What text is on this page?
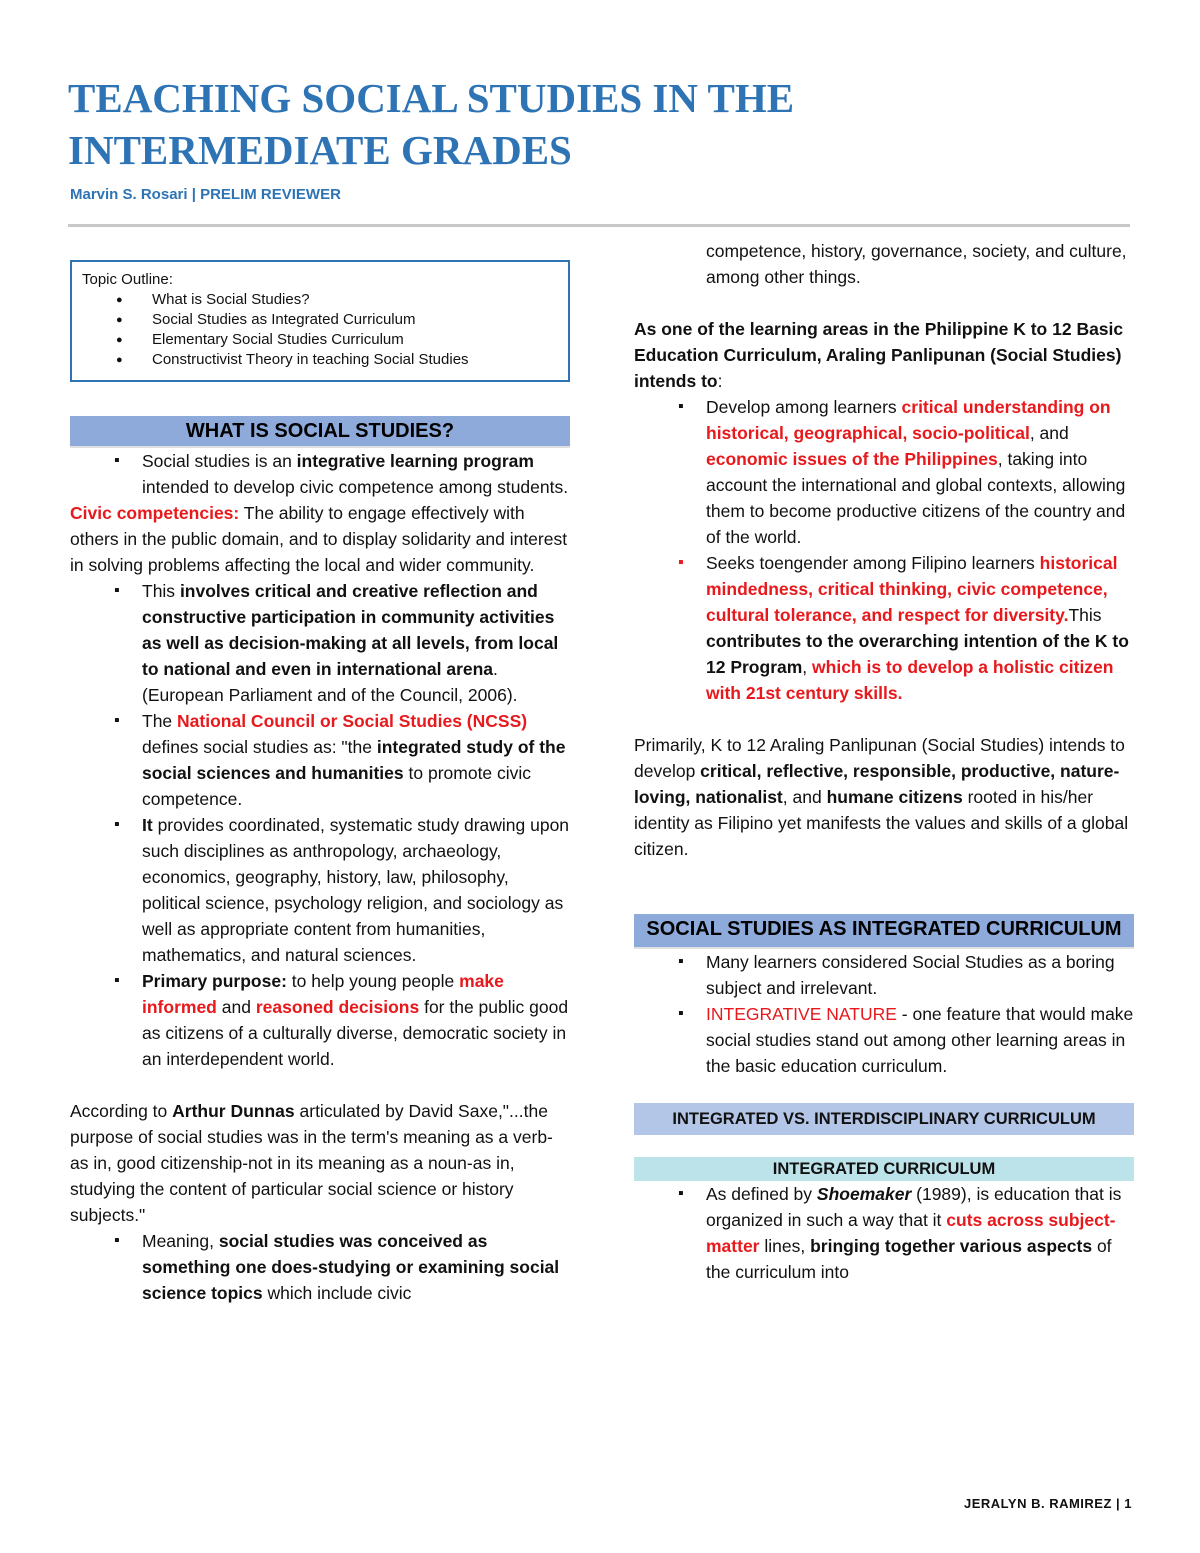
TEACHING SOCIAL STUDIES IN THE
INTERMEDIATE GRADES
Marvin S. Rosari | PRELIM REVIEWER
Topic Outline:
● What is Social Studies?
● Social Studies as Integrated Curriculum
● Elementary Social Studies Curriculum
● Constructivist Theory in teaching Social Studies
WHAT IS SOCIAL STUDIES?
▪ Social studies is an integrative learning program intended to develop civic competence among students.

Civic competencies: The ability to engage effectively with others in the public domain, and to display solidarity and interest in solving problems affecting the local and wider community.

▪ This involves critical and creative reflection and constructive participation in community activities as well as decision-making at all levels, from local to national and even in international arena. (European Parliament and of the Council, 2006).
▪ The National Council or Social Studies (NCSS) defines social studies as: "the integrated study of the social sciences and humanities to promote civic competence.
▪ It provides coordinated, systematic study drawing upon such disciplines as anthropology, archaeology, economics, geography, history, law, philosophy, political science, psychology religion, and sociology as well as appropriate content from humanities, mathematics, and natural sciences.
▪ Primary purpose: to help young people make informed and reasoned decisions for the public good as citizens of a culturally diverse, democratic society in an interdependent world.

According to Arthur Dunnas articulated by David Saxe,"...the purpose of social studies was in the term's meaning as a verb-as in, good citizenship-not in its meaning as a noun-as in, studying the content of particular social science or history subjects."

▪ Meaning, social studies was conceived as something one does-studying or examining social science topics which include civic

competence, history, governance, society, and culture, among other things.

As one of the learning areas in the Philippine K to 12 Basic Education Curriculum, Araling Panlipunan (Social Studies) intends to:

▪ Develop among learners critical understanding on historical, geographical, socio-political, and economic issues of the Philippines, taking into account the international and global contexts, allowing them to become productive citizens of the country and of the world.
▪ Seeks toengender among Filipino learners historical mindedness, critical thinking, civic competence, cultural tolerance, and respect for diversity.This contributes to the overarching intention of the K to 12 Program, which is to develop a holistic citizen with 21st century skills.

Primarily, K to 12 Araling Panlipunan (Social Studies) intends to develop critical, reflective, responsible, productive, nature-loving, nationalist, and humane citizens rooted in his/her identity as Filipino yet manifests the values and skills of a global citizen.

SOCIAL STUDIES AS INTEGRATED CURRICULUM
▪ Many learners considered Social Studies as a boring subject and irrelevant.
▪ INTEGRATIVE NATURE - one feature that would make social studies stand out among other learning areas in the basic education curriculum.
INTEGRATED VS. INTERDISCIPLINARY CURRICULUM
INTEGRATED CURRICULUM
▪ As defined by Shoemaker (1989), is education that is organized in such a way that it cuts across subject-matter lines, bringing together various aspects of the curriculum into
JERALYN B. RAMIREZ | 1
